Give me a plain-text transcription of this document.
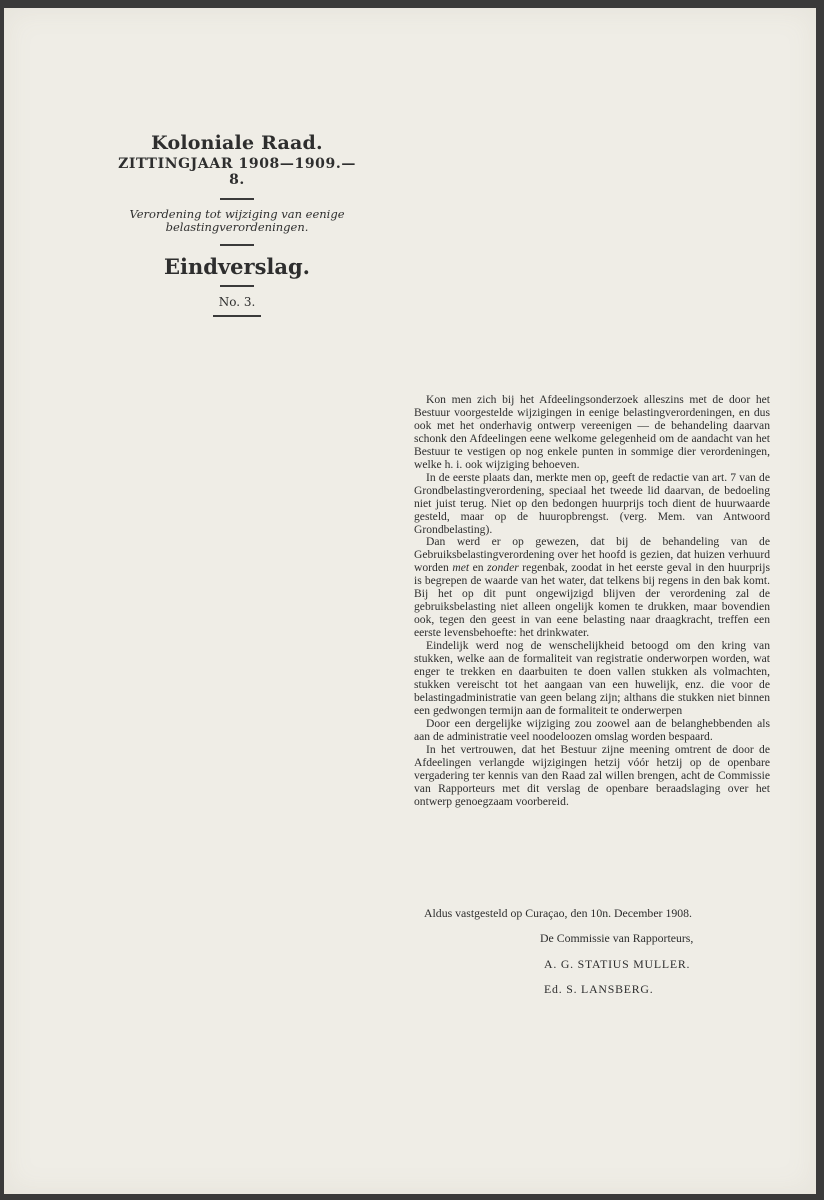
Koloniale Raad.

ZITTINGJAAR 1908—1909.—8.

Verordening tot wijziging van eenige
belastingverordeningen.

Eindverslag.

No. 3.

Kon men zich bij het Afdeelingsonderzoek alleszins met de door het Bestuur voorgestelde wijzigingen in eenige belastingverordeningen, en dus ook met het onderhavig ontwerp vereenigen — de behandeling daarvan schonk den Afdeelingen eene welkome gelegenheid om de aandacht van het Bestuur te vestigen op nog enkele punten in sommige dier verordeningen, welke h. i. ook wijziging behoeven.

In de eerste plaats dan, merkte men op, geeft de redactie van art. 7 van de Grondbelastingverordening, speciaal het tweede lid daarvan, de bedoeling niet juist terug. Niet op den bedongen huurprijs toch dient de huurwaarde gesteld, maar op de huuropbrengst. (verg. Mem. van Antwoord Grondbelasting).

Dan werd er op gewezen, dat bij de behandeling van de Gebruiksbelastingverordening over het hoofd is gezien, dat huizen verhuurd worden met en zonder regenbak, zoodat in het eerste geval in den huurprijs is begrepen de waarde van het water, dat telkens bij regens in den bak komt. Bij het op dit punt ongewijzigd blijven der verordening zal de gebruiksbelasting niet alleen ongelijk komen te drukken, maar bovendien ook, tegen den geest in van eene belasting naar draagkracht, treffen een eerste levensbehoefte: het drinkwater.

Eindelijk werd nog de wenschelijkheid betoogd om den kring van stukken, welke aan de formaliteit van registratie onderworpen worden, wat enger te trekken en daarbuiten te doen vallen stukken als volmachten, stukken vereischt tot het aangaan van een huwelijk, enz. die voor de belastingadministratie van geen belang zijn; althans die stukken niet binnen een gedwongen termijn aan de formaliteit te onderwerpen

Door een dergelijke wijziging zou zoowel aan de belanghebbenden als aan de administratie veel noodeloozen omslag worden bespaard.

In het vertrouwen, dat het Bestuur zijne meening omtrent de door de Afdeelingen verlangde wijzigingen hetzij vóór hetzij op de openbare vergadering ter kennis van den Raad zal willen brengen, acht de Commissie van Rapporteurs met dit verslag de openbare beraadslaging over het ontwerp genoegzaam voorbereid.

Aldus vastgesteld op Curaçao, den 10n. December 1908.
De Commissie van Rapporteurs,
A. G. STATIUS MULLER.
Ed. S. LANSBERG.
